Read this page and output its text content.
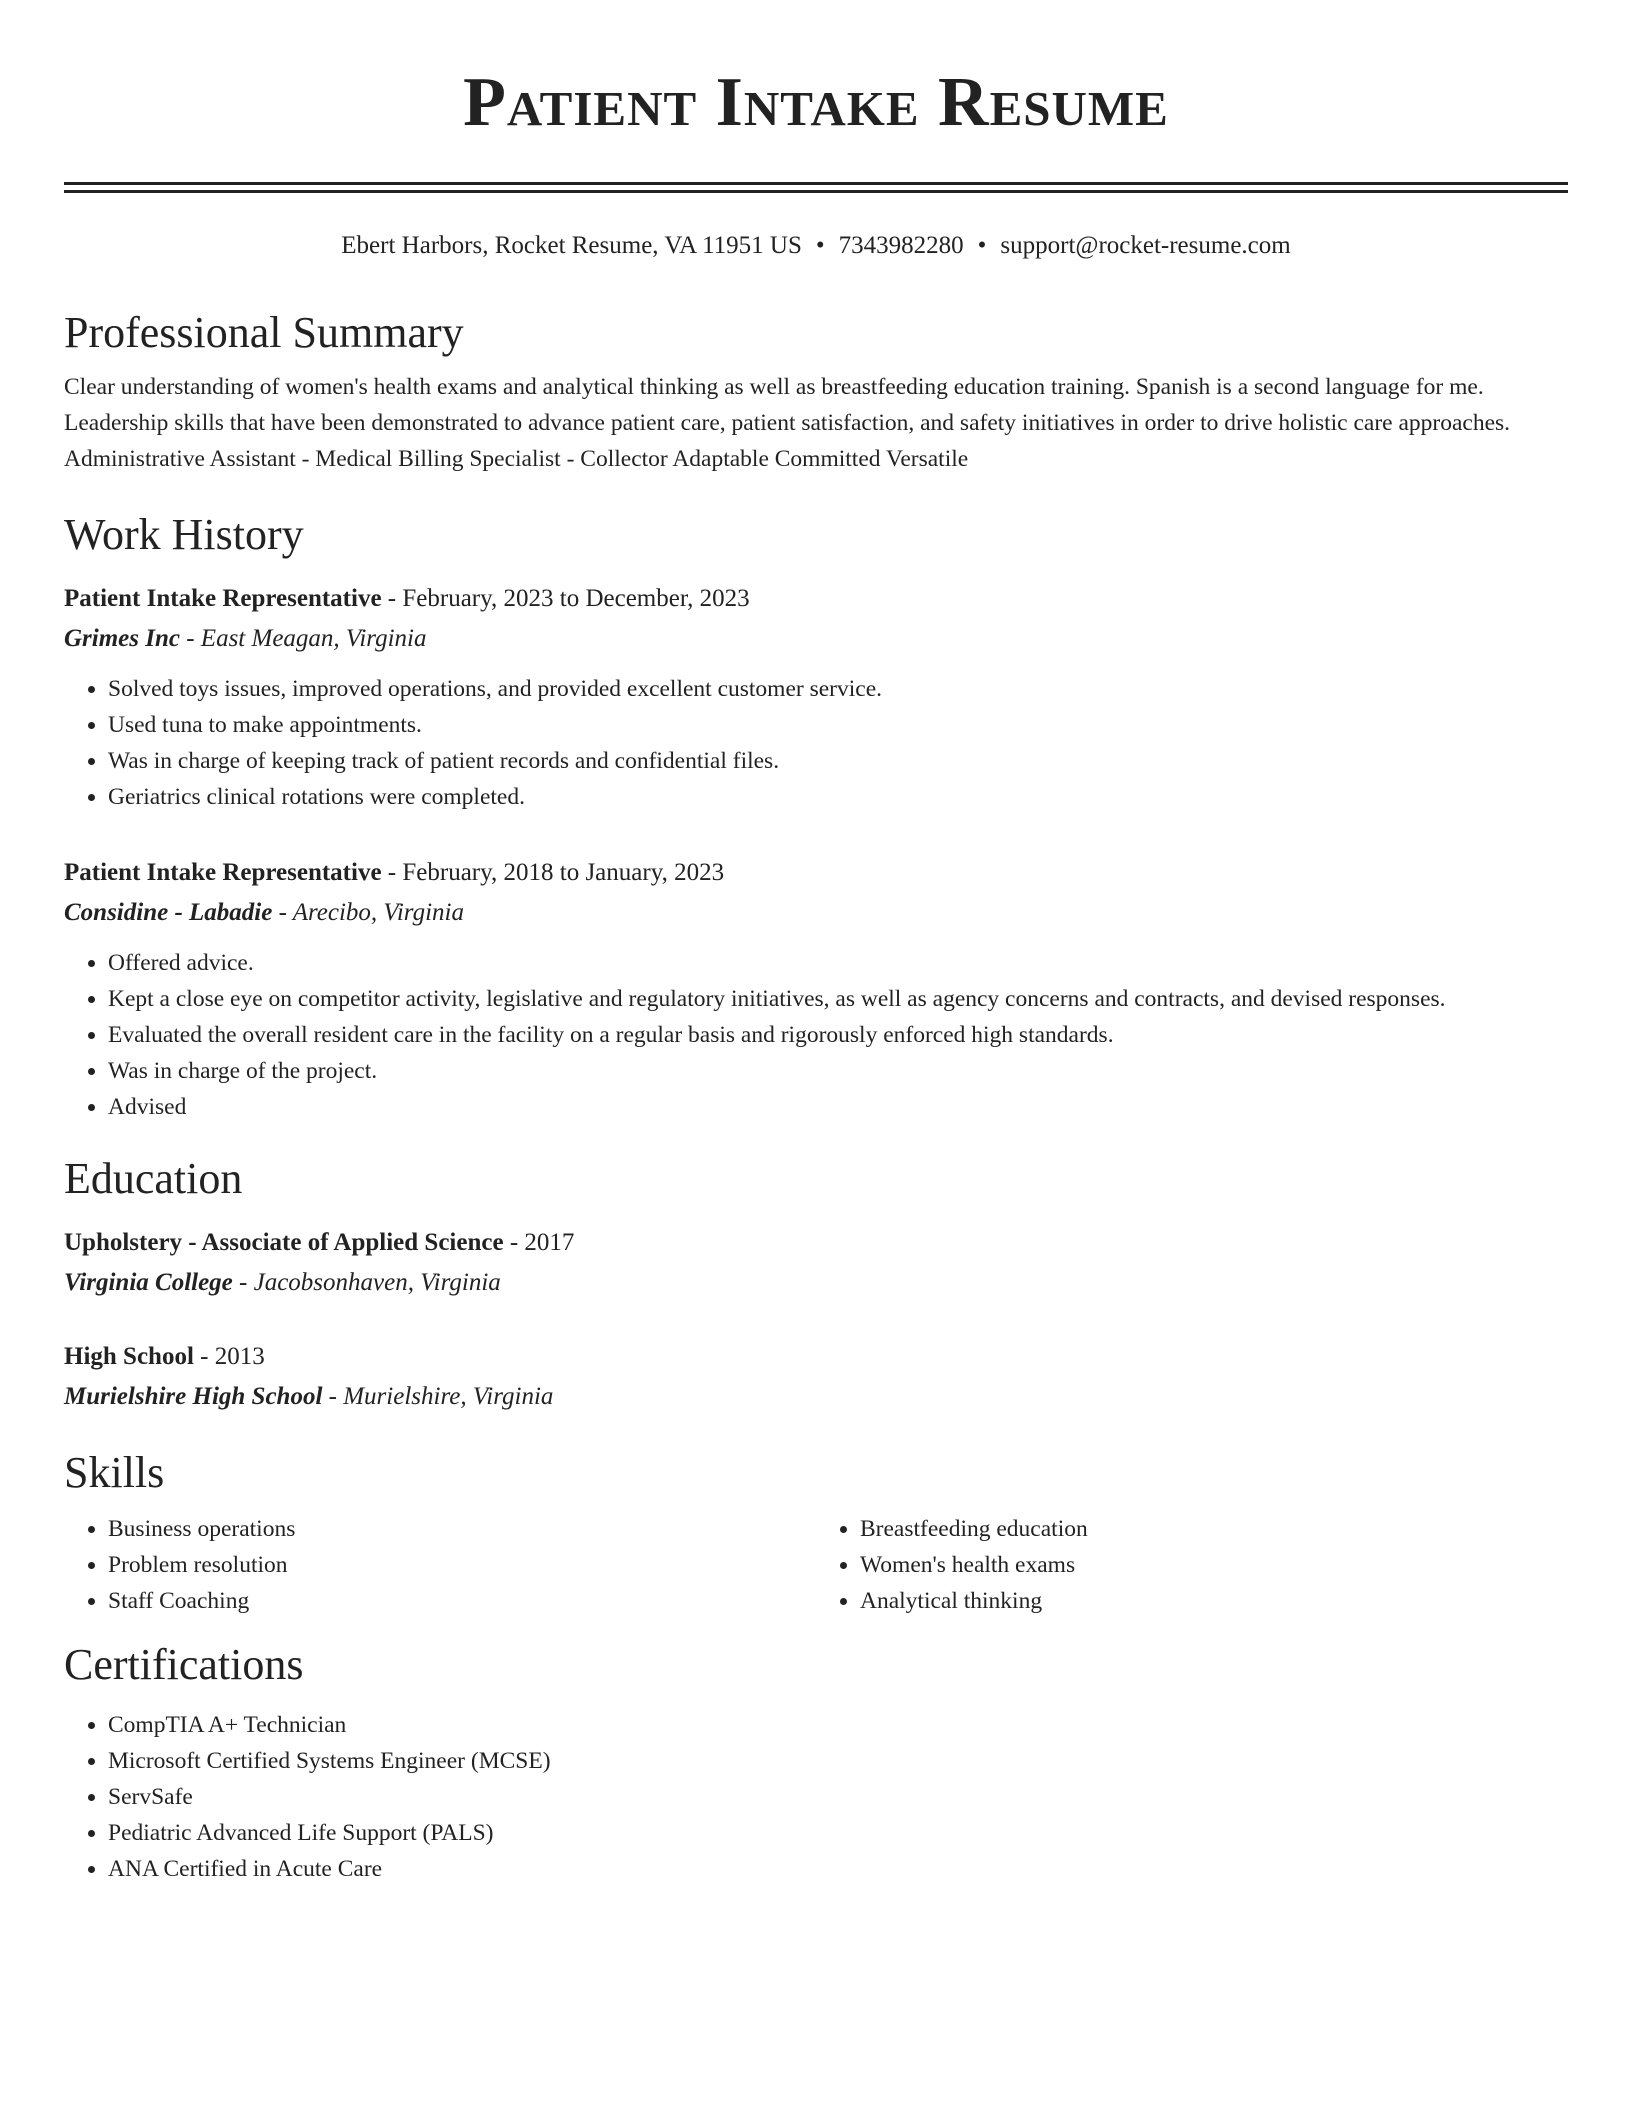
Patient Intake Resume
Ebert Harbors, Rocket Resume, VA 11951 US • 7343982280 • support@rocket-resume.com
Professional Summary

Clear understanding of women's health exams and analytical thinking as well as breastfeeding education training. Spanish is a second language for me. Leadership skills that have been demonstrated to advance patient care, patient satisfaction, and safety initiatives in order to drive holistic care approaches. Administrative Assistant - Medical Billing Specialist - Collector Adaptable Committed Versatile

Work History

Patient Intake Representative - February, 2023 to December, 2023

Grimes Inc - East Meagan, Virginia

• Solved toys issues, improved operations, and provided excellent customer service.
• Used tuna to make appointments.
• Was in charge of keeping track of patient records and confidential files.
• Geriatrics clinical rotations were completed.

Patient Intake Representative - February, 2018 to January, 2023

Considine - Labadie - Arecibo, Virginia

• Offered advice.
• Kept a close eye on competitor activity, legislative and regulatory initiatives, as well as agency concerns and contracts, and devised responses.
• Evaluated the overall resident care in the facility on a regular basis and rigorously enforced high standards.
• Was in charge of the project.
• Advised
Education

Upholstery - Associate of Applied Science - 2017

Virginia College - Jacobsonhaven, Virginia

High School - 2013

Murielshire High School - Murielshire, Virginia

Skills
• Business operations
• Problem resolution
• Staff Coaching
• Breastfeeding education
• Women's health exams
• Analytical thinking
Certifications
• CompTIA A+ Technician
• Microsoft Certified Systems Engineer (MCSE)
• ServSafe
• Pediatric Advanced Life Support (PALS)
• ANA Certified in Acute Care
